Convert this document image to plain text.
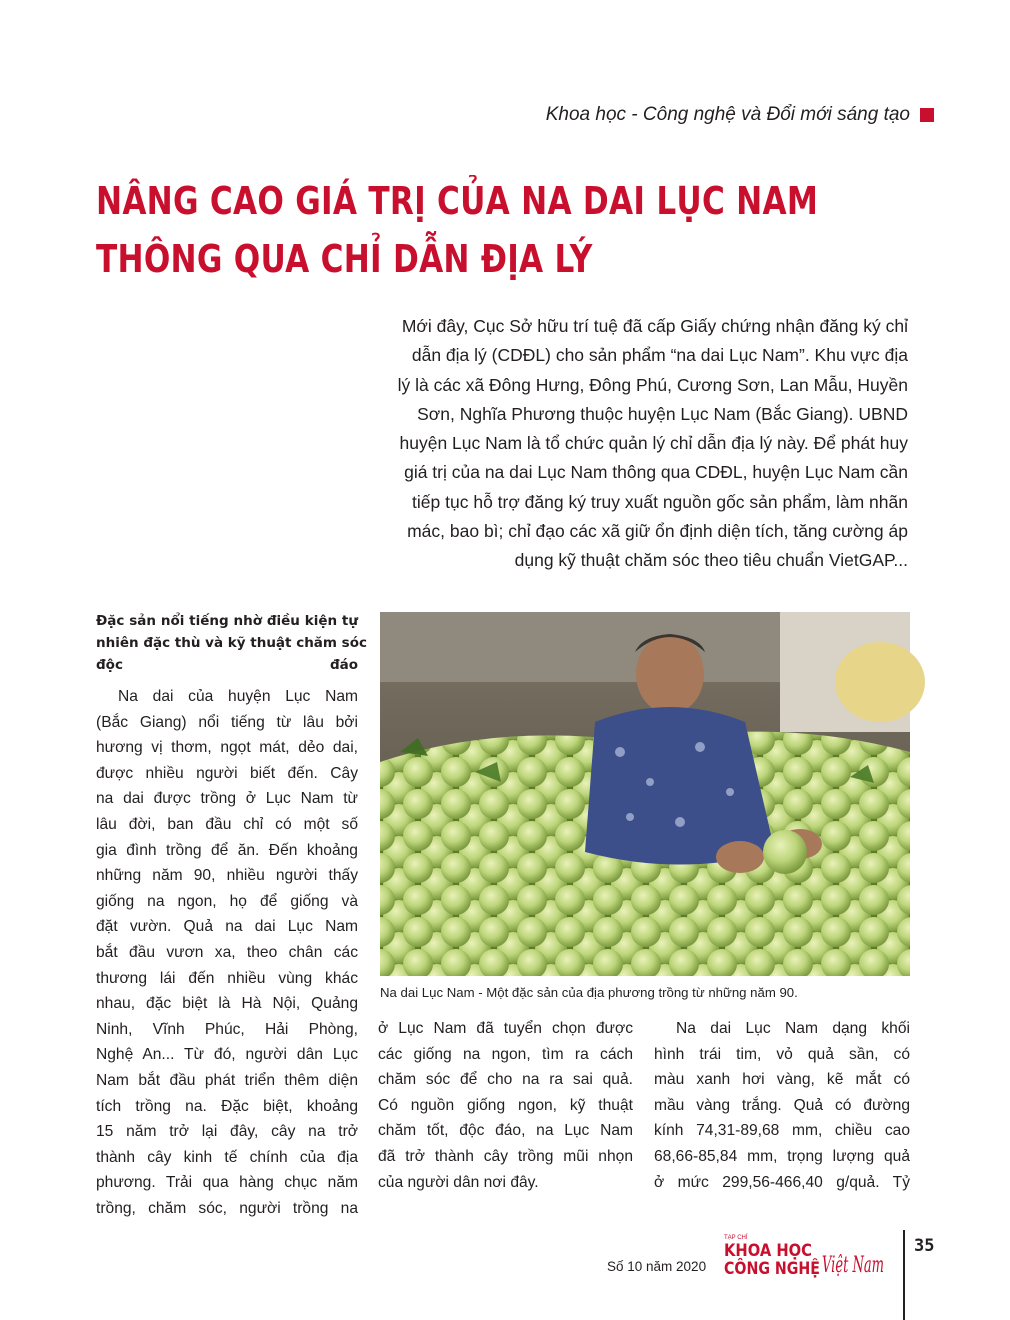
Khoa học - Công nghệ và Đổi mới sáng tạo
NÂNG CAO GIÁ TRỊ CỦA NA DAI LỤC NAM
THÔNG QUA CHỈ DẪN ĐỊA LÝ
Mới đây, Cục Sở hữu trí tuệ đã cấp Giấy chứng nhận đăng ký chỉ
dẫn địa lý (CDĐL) cho sản phẩm “na dai Lục Nam”. Khu vực địa
lý là các xã Đông Hưng, Đông Phú, Cương Sơn, Lan Mẫu, Huyền
Sơn, Nghĩa Phương thuộc huyện Lục Nam (Bắc Giang). UBND
huyện Lục Nam là tổ chức quản lý chỉ dẫn địa lý này. Để phát huy
giá trị của na dai Lục Nam thông qua CDĐL, huyện Lục Nam cần
tiếp tục hỗ trợ đăng ký truy xuất nguồn gốc sản phẩm, làm nhãn
mác, bao bì; chỉ đạo các xã giữ ổn định diện tích, tăng cường áp
dụng kỹ thuật chăm sóc theo tiêu chuẩn VietGAP...
Đặc sản nổi tiếng nhờ điều kiện tự
nhiên đặc thù và kỹ thuật chăm sóc
độc đáo
Na dai của huyện Lục Nam
(Bắc Giang) nổi tiếng từ lâu bởi
hương vị thơm, ngọt mát, dẻo dai,
được nhiều người biết đến. Cây
na dai được trồng ở Lục Nam từ
lâu đời, ban đầu chỉ có một số
gia đình trồng để ăn. Đến khoảng
những năm 90, nhiều người thấy
giống na ngon, họ để giống và
đặt vườn. Quả na dai Lục Nam
bắt đầu vươn xa, theo chân các
thương lái đến nhiều vùng khác
nhau, đặc biệt là Hà Nội, Quảng
Ninh, Vĩnh Phúc, Hải Phòng,
Nghệ An... Từ đó, người dân Lục
Nam bắt đầu phát triển thêm diện
tích trồng na. Đặc biệt, khoảng
15 năm trở lại đây, cây na trở
thành cây kinh tế chính của địa
phương. Trải qua hàng chục năm
trồng, chăm sóc, người trồng na
Na dai Lục Nam - Một đặc sản của địa phương trồng từ những năm 90.
ở Lục Nam đã tuyển chọn được
các giống na ngon, tìm ra cách
chăm sóc để cho na ra sai quả.
Có nguồn giống ngon, kỹ thuật
chăm tốt, độc đáo, na Lục Nam
đã trở thành cây trồng mũi nhọn
của người dân nơi đây.
Na dai Lục Nam dạng khối
hình trái tim, vỏ quả sần, có
màu xanh hơi vàng, kẽ mắt có
mầu vàng trắng. Quả có đường
kính 74,31-89,68 mm, chiều cao
68,66-85,84 mm, trọng lượng quả
ở mức 299,56-466,40 g/quả. Tỷ
Số 10 năm 2020
TẠP CHÍ
KHOA HỌC
CÔNG NGHỆ
Việt Nam
35
